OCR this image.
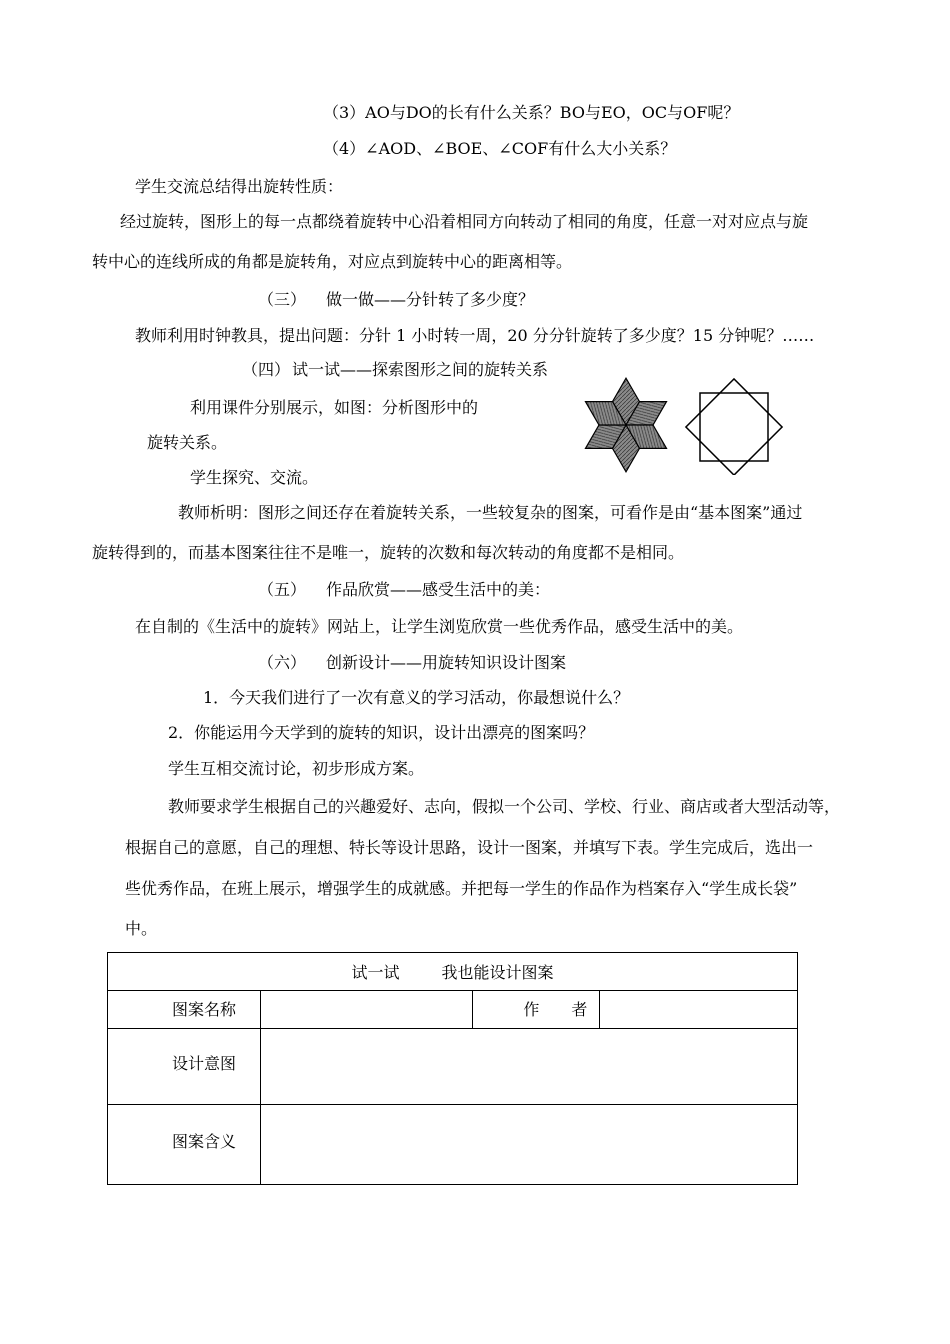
（3）AO与DO的长有什么关系？BO与EO，OC与OF呢？
（4）∠AOD、∠BOE、∠COF有什么大小关系？
学生交流总结得出旋转性质：
经过旋转，图形上的每一点都绕着旋转中心沿着相同方向转动了相同的角度，任意一对对应点与旋
转中心的连线所成的角都是旋转角，对应点到旋转中心的距离相等。
（三） 做一做——分针转了多少度？
教师利用时钟教具，提出问题：分针 1 小时转一周，20 分分针旋转了多少度？15 分钟呢？……
（四） 试一试——探索图形之间的旋转关系
利用课件分别展示，如图：分析图形中的
旋转关系。
学生探究、交流。
教师析明：图形之间还存在着旋转关系，一些较复杂的图案，可看作是由“基本图案”通过
旋转得到的，而基本图案往往不是唯一，旋转的次数和每次转动的角度都不是相同。
（五） 作品欣赏——感受生活中的美：
在自制的《生活中的旋转》网站上，让学生浏览欣赏一些优秀作品，感受生活中的美。
（六） 创新设计——用旋转知识设计图案
1．今天我们进行了一次有意义的学习活动，你最想说什么？
2．你能运用今天学到的旋转的知识，设计出漂亮的图案吗？
学生互相交流讨论，初步形成方案。
教师要求学生根据自己的兴趣爱好、志向，假拟一个公司、学校、行业、商店或者大型活动等，
根据自己的意愿，自己的理想、特长等设计思路，设计一图案，并填写下表。学生完成后，选出一
些优秀作品，在班上展示，增强学生的成就感。并把每一学生的作品作为档案存入“学生成长袋”
中。
试一试 我也能设计图案			
图案名称		作　　者	
设计意图			
图案含义			
